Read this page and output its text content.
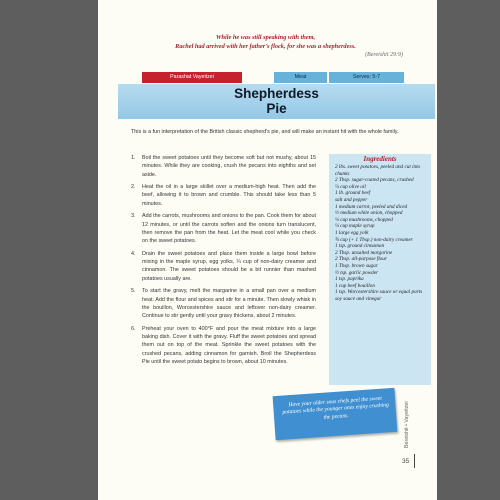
While he was still speaking with them,
Rachel had arrived with her father's flock, for she was a shepherdess.
(Bereishit 29:9)
Parashat Vayeitzei	Meat	Serves: 5-7
Shepherdess
Pie
This is a fun interpretation of the British classic shepherd's pie, and will make an instant hit with the whole family.
1. Boil the sweet potatoes until they become soft but not mushy, about 15 minutes. While they are cooking, crush the pecans into eighths and set aside.
2. Heat the oil in a large skillet over a medium-high heat. Then add the beef, allowing it to brown and crumble. This should take less than 5 minutes.
3. Add the carrots, mushrooms and onions to the pan. Cook them for about 12 minutes, or until the carrots soften and the onions turn translucent, then remove the pan from the heat. Let the meat cool while you check on the sweet potatoes.
4. Drain the sweet potatoes and place them inside a large bowl before mixing in the maple syrup, egg yolks, ¼ cup of non-dairy creamer and cinnamon. The sweet potatoes should be a bit runnier than mashed potatoes usually are.
5. To start the gravy, melt the margarine in a small pan over a medium heat. Add the flour and spices and stir for a minute. Then slowly whisk in the bouillon, Worcestershire sauce and leftover non-dairy creamer. Continue to stir gently until your gravy thickens, about 2 minutes.
6. Preheat your oven to 400°F and pour the meat mixture into a large baking dish. Cover it with the gravy. Fluff the sweet potatoes and spread them out on top of the meat. Sprinkle the sweet potatoes with the crushed pecans, adding cinnamon for garnish. Broil the Shepherdess Pie until the sweet potato begins to brown, about 10 minutes.
Ingredients
2 lbs. sweet potatoes, peeled and cut into chunks
2 Tbsp. sugar-coated pecans, crushed
¼ cup olive oil
1 lb. ground beef
salt and pepper
1 medium carrot, peeled and diced
½ medium white onion, chopped
¼ cup mushrooms, chopped
¼ cup maple syrup
1 large egg yolk
¾ cup (+ 1 Tbsp.) non-dairy creamer
1 tsp. ground cinnamon
2 Tbsp. unsalted margarine
2 Tbsp. all-purpose flour
1 Tbsp. brown sugar
½ tsp. garlic powder
1 tsp. paprika
1 cup beef bouillon
1 tsp. Worcestershire sauce or equal parts soy sauce and vinegar
Have your older sous chefs peel the sweet potatoes while the younger ones enjoy crushing the pecans.	Bereishit • Vayeitzei
35
